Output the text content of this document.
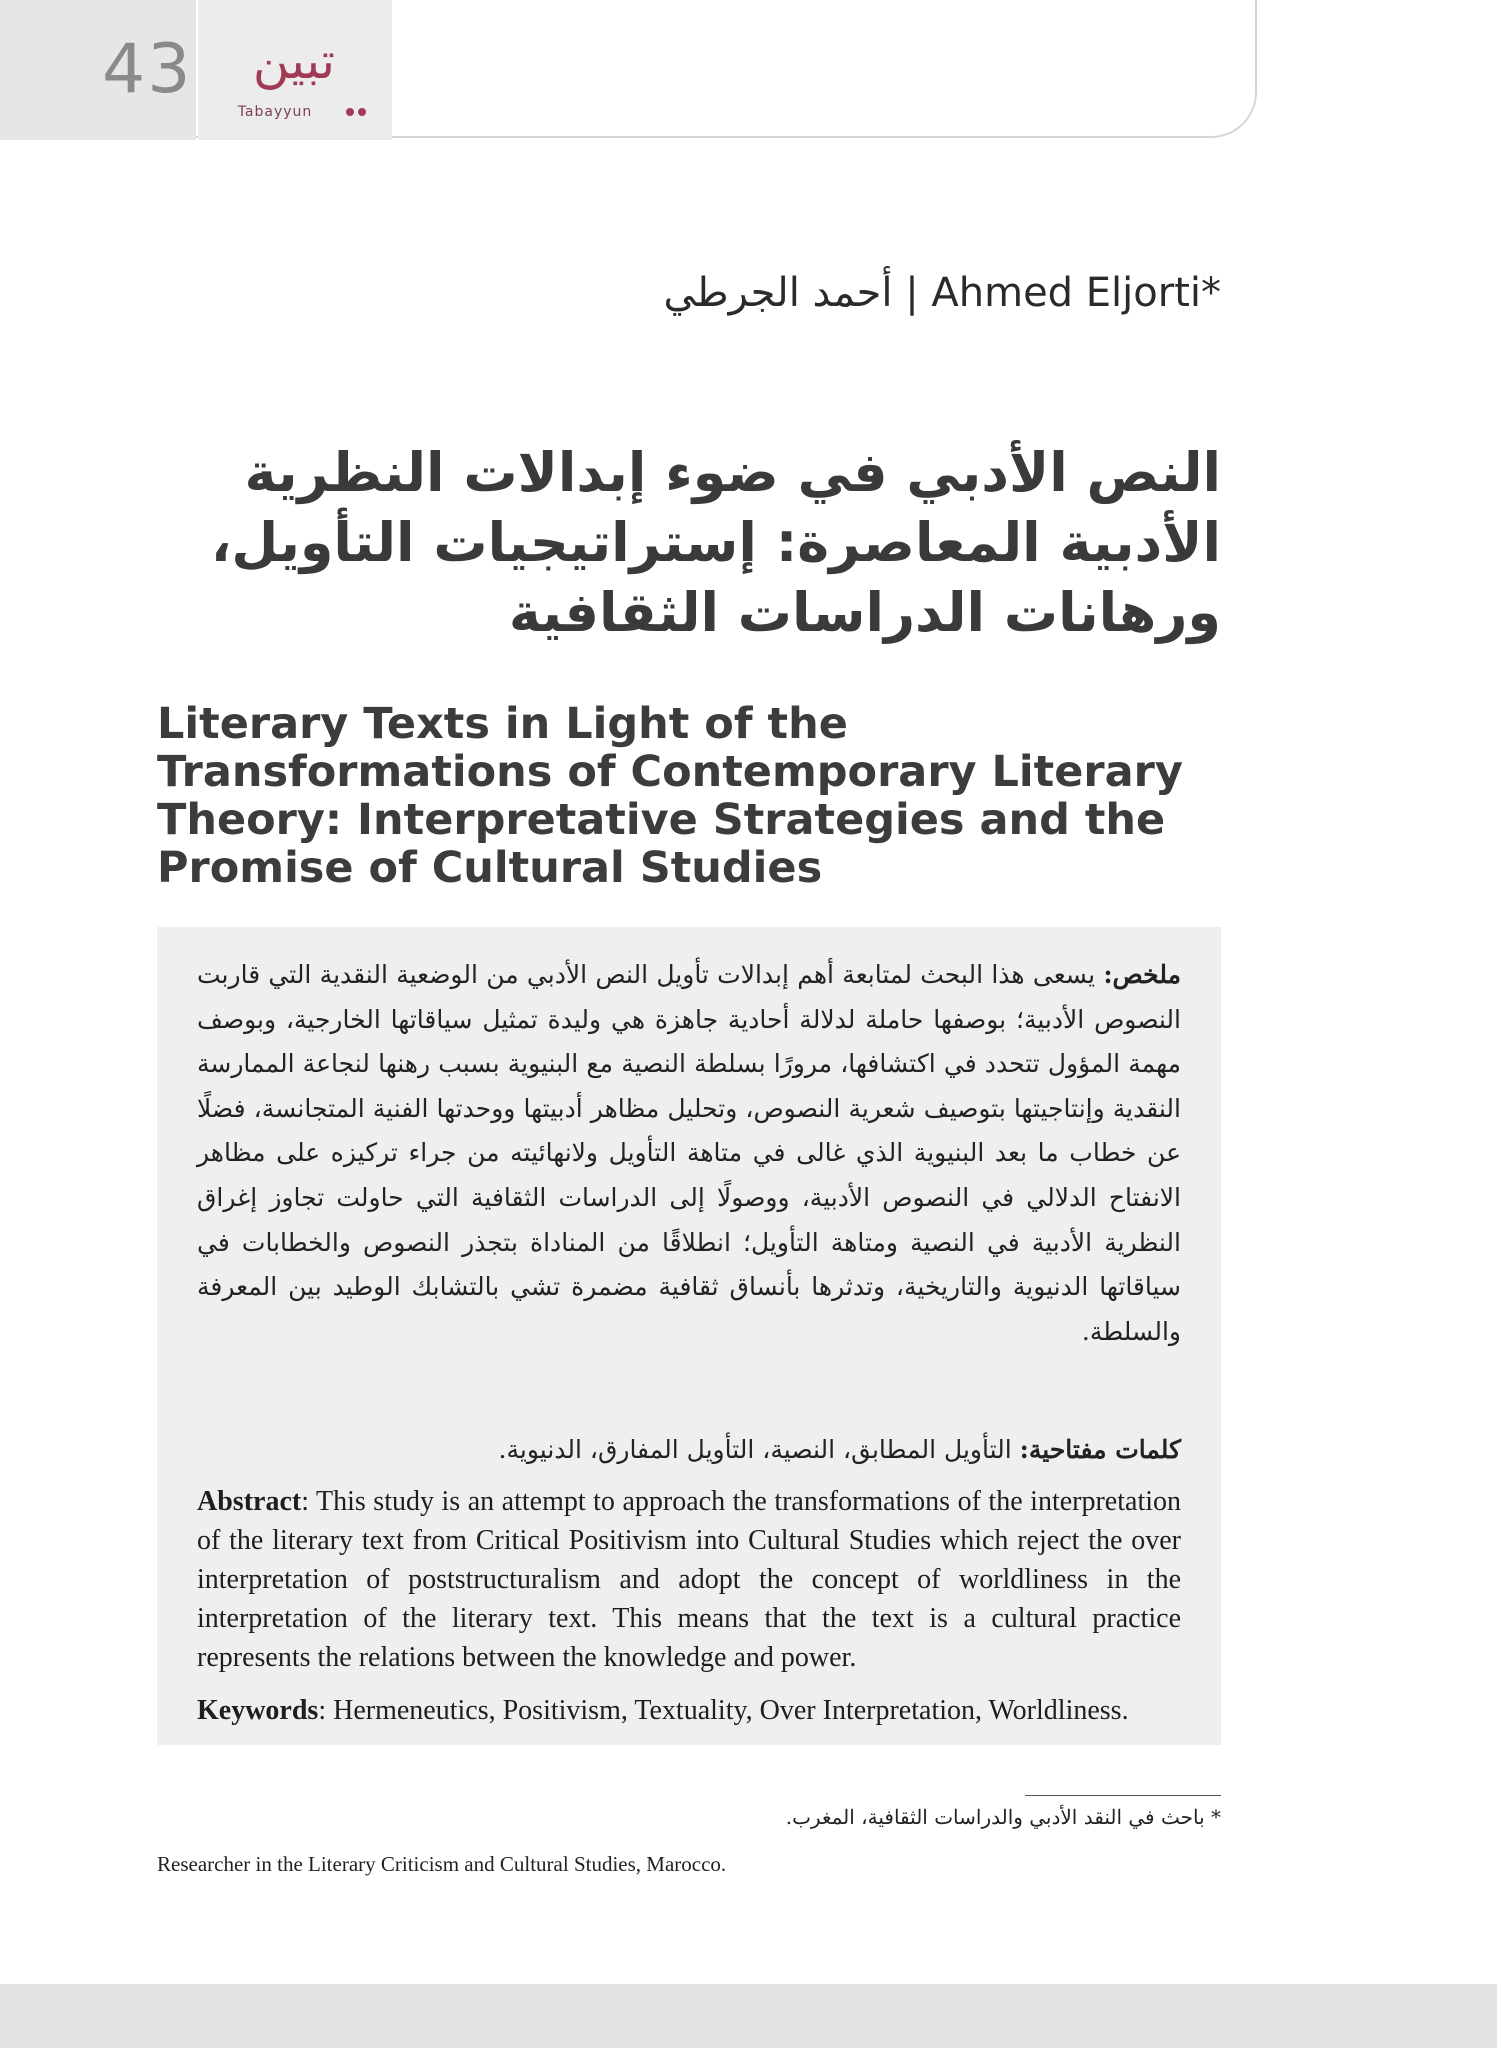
43	تبين
Tabayyun
أحمد الجرطي | Ahmed Eljorti*
النص الأدبي في ضوء إبدالات النظرية الأدبية المعاصرة: إستراتيجيات التأويل، ورهانات الدراسات الثقافية
Literary Texts in Light of the Transformations of Contemporary Literary Theory: Interpretative Strategies and the Promise of Cultural Studies
ملخص: يسعى هذا البحث لمتابعة أهم إبدالات تأويل النص الأدبي من الوضعية النقدية التي قاربت النصوص الأدبية؛ بوصفها حاملة لدلالة أحادية جاهزة هي وليدة تمثيل سياقاتها الخارجية، وبوصف مهمة المؤول تتحدد في اكتشافها، مرورًا بسلطة النصية مع البنيوية بسبب رهنها لنجاعة الممارسة النقدية وإنتاجيتها بتوصيف شعرية النصوص، وتحليل مظاهر أدبيتها ووحدتها الفنية المتجانسة، فضلًا عن خطاب ما بعد البنيوية الذي غالى في متاهة التأويل ولانهائيته من جراء تركيزه على مظاهر الانفتاح الدلالي في النصوص الأدبية، ووصولًا إلى الدراسات الثقافية التي حاولت تجاوز إغراق النظرية الأدبية في النصية ومتاهة التأويل؛ انطلاقًا من المناداة بتجذر النصوص والخطابات في سياقاتها الدنيوية والتاريخية، وتدثرها بأنساق ثقافية مضمرة تشي بالتشابك الوطيد بين المعرفة والسلطة.
كلمات مفتاحية: التأويل المطابق، النصية، التأويل المفارق، الدنيوية.
Abstract: This study is an attempt to approach the transformations of the interpretation of the literary text from Critical Positivism into Cultural Studies which reject the over interpretation of poststructuralism and adopt the concept of worldliness in the interpretation of the literary text. This means that the text is a cultural practice represents the relations between the knowledge and power.
Keywords: Hermeneutics, Positivism, Textuality, Over Interpretation, Worldliness.
* باحث في النقد الأدبي والدراسات الثقافية، المغرب.
Researcher in the Literary Criticism and Cultural Studies, Marocco.
